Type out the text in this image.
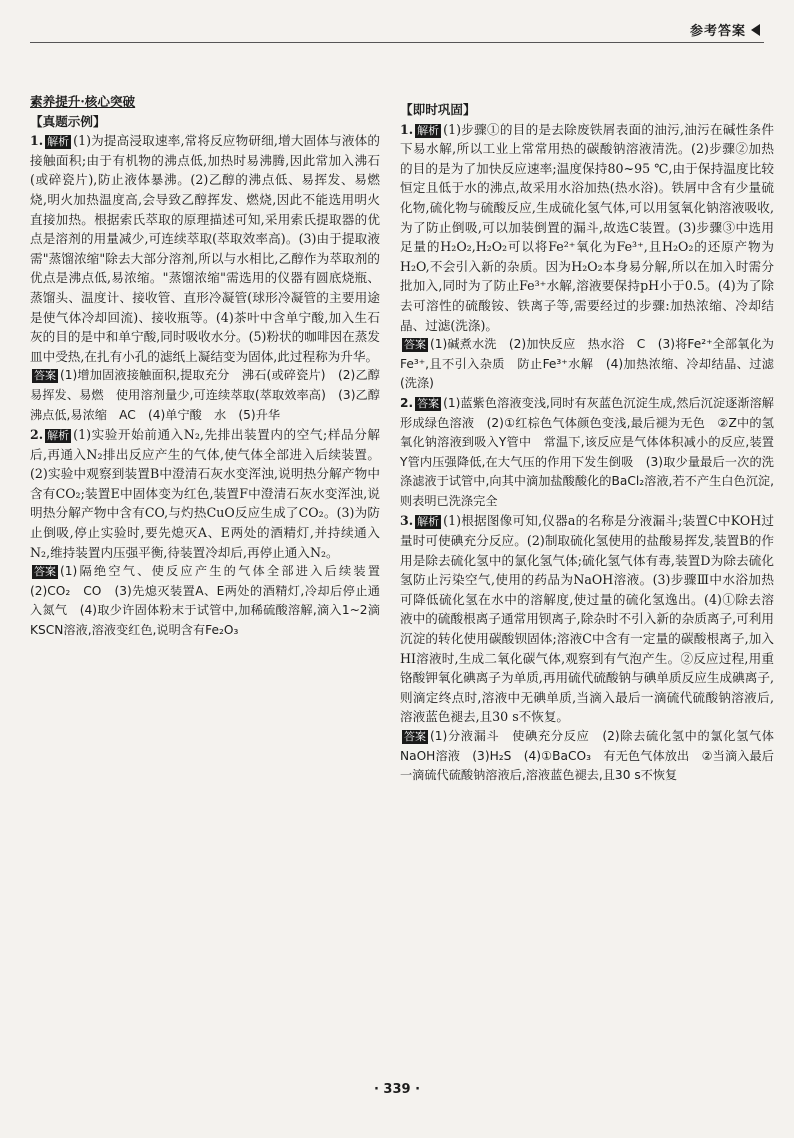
参考答案
素养提升·核心突破
【真题示例】

1. 解析 (1)为提高浸取速率,常将反应物研细,增大固体与液体的接触面积;由于有机物的沸点低,加热时易沸腾,因此常加入沸石(或碎瓷片),防止液体暴沸。(2)乙醇的沸点低、易挥发、易燃烧,明火加热温度高,会导致乙醇挥发、燃烧,因此不能选用明火直接加热。根据索氏萃取的原理描述可知,采用索氏提取器的优点是溶剂的用量减少,可连续萃取(萃取效率高)。(3)由于提取液需"蒸馏浓缩"除去大部分溶剂,所以与水相比,乙醇作为萃取剂的优点是沸点低,易浓缩。"蒸馏浓缩"需选用的仪器有圆底烧瓶、蒸馏头、温度计、接收管、直形冷凝管(球形冷凝管的主要用途是使气体冷却回流)、接收瓶等。(4)茶叶中含单宁酸,加入生石灰的目的是中和单宁酸,同时吸收水分。(5)粉状的咖啡因在蒸发皿中受热,在扎有小孔的滤纸上凝结变为固体,此过程称为升华。

答案 (1)增加固液接触面积,提取充分　沸石(或碎瓷片)　(2)乙醇易挥发、易燃　使用溶剂量少,可连续萃取(萃取效率高)　(3)乙醇沸点低,易浓缩　AC　(4)单宁酸　水　(5)升华

2. 解析 (1)实验开始前通入N₂,先排出装置内的空气;样品分解后,再通入N₂排出反应产生的气体,使气体全部进入后续装置。(2)实验中观察到装置B中澄清石灰水变浑浊,说明热分解产物中含有CO₂;装置E中固体变为红色,装置F中澄清石灰水变浑浊,说明热分解产物中含有CO,与灼热CuO反应生成了CO₂。(3)为防止倒吸,停止实验时,要先熄灭A、E两处的酒精灯,并持续通入N₂,维持装置内压强平衡,待装置冷却后,再停止通入N₂。

答案 (1)隔绝空气、使反应产生的气体全部进入后续装置　(2)CO₂　CO　(3)先熄灭装置A、E两处的酒精灯,冷却后停止通入氮气　(4)取少许固体粉末于试管中,加稀硫酸溶解,滴入1~2滴KSCN溶液,溶液变红色,说明含有Fe₂O₃

【即时巩固】

1. 解析 (1)步骤①的目的是去除废铁屑表面的油污,油污在碱性条件下易水解,所以工业上常常用热的碳酸钠溶液清洗。(2)步骤②加热的目的是为了加快反应速率;温度保持80~95 ℃,由于保持温度比较恒定且低于水的沸点,故采用水浴加热(热水浴)。铁屑中含有少量硫化物,硫化物与硫酸反应,生成硫化氢气体,可以用氢氧化钠溶液吸收,为了防止倒吸,可以加装倒置的漏斗,故选C装置。(3)步骤③中选用足量的H₂O₂,H₂O₂可以将Fe²⁺氧化为Fe³⁺,且H₂O₂的还原产物为H₂O,不会引入新的杂质。因为H₂O₂本身易分解,所以在加入时需分批加入,同时为了防止Fe³⁺水解,溶液要保持pH小于0.5。(4)为了除去可溶性的硫酸铵、铁离子等,需要经过的步骤:加热浓缩、冷却结晶、过滤(洗涤)。

答案 (1)碱煮水洗　(2)加快反应　热水浴　C　(3)将Fe²⁺全部氧化为Fe³⁺,且不引入杂质　防止Fe³⁺水解　(4)加热浓缩、冷却结晶、过滤(洗涤)

2. 答案 (1)蓝紫色溶液变浅,同时有灰蓝色沉淀生成,然后沉淀逐渐溶解形成绿色溶液　(2)①红棕色气体颜色变浅,最后褪为无色　②Z中的氢氧化钠溶液到吸入Y管中　常温下,该反应是气体体积减小的反应,装置Y管内压强降低,在大气压的作用下发生倒吸　(3)取少量最后一次的洗涤滤液于试管中,向其中滴加盐酸酸化的BaCl₂溶液,若不产生白色沉淀,则表明已洗涤完全

3. 解析 (1)根据图像可知,仪器a的名称是分液漏斗;装置C中KOH过量时可使碘充分反应。(2)制取硫化氢使用的盐酸易挥发,装置B的作用是除去硫化氢中的氯化氢气体;硫化氢气体有毒,装置D为除去硫化氢防止污染空气,使用的药品为NaOH溶液。(3)步骤Ⅲ中水浴加热可降低硫化氢在水中的溶解度,使过量的硫化氢逸出。(4)①除去溶液中的硫酸根离子通常用钡离子,除杂时不引入新的杂质离子,可利用沉淀的转化使用碳酸钡固体;溶液C中含有一定量的碳酸根离子,加入HI溶液时,生成二氧化碳气体,观察到有气泡产生。②反应过程,用重铬酸钾氧化碘离子为单质,再用硫代硫酸钠与碘单质反应生成碘离子,则滴定终点时,溶液中无碘单质,当滴入最后一滴硫代硫酸钠溶液后,溶液蓝色褪去,且30 s不恢复。

答案 (1)分液漏斗　使碘充分反应　(2)除去硫化氢中的氯化氢气体　NaOH溶液　(3)H₂S　(4)①BaCO₃　有无色气体放出　②当滴入最后一滴硫代硫酸钠溶液后,溶液蓝色褪去,且30 s不恢复

· 339 ·
